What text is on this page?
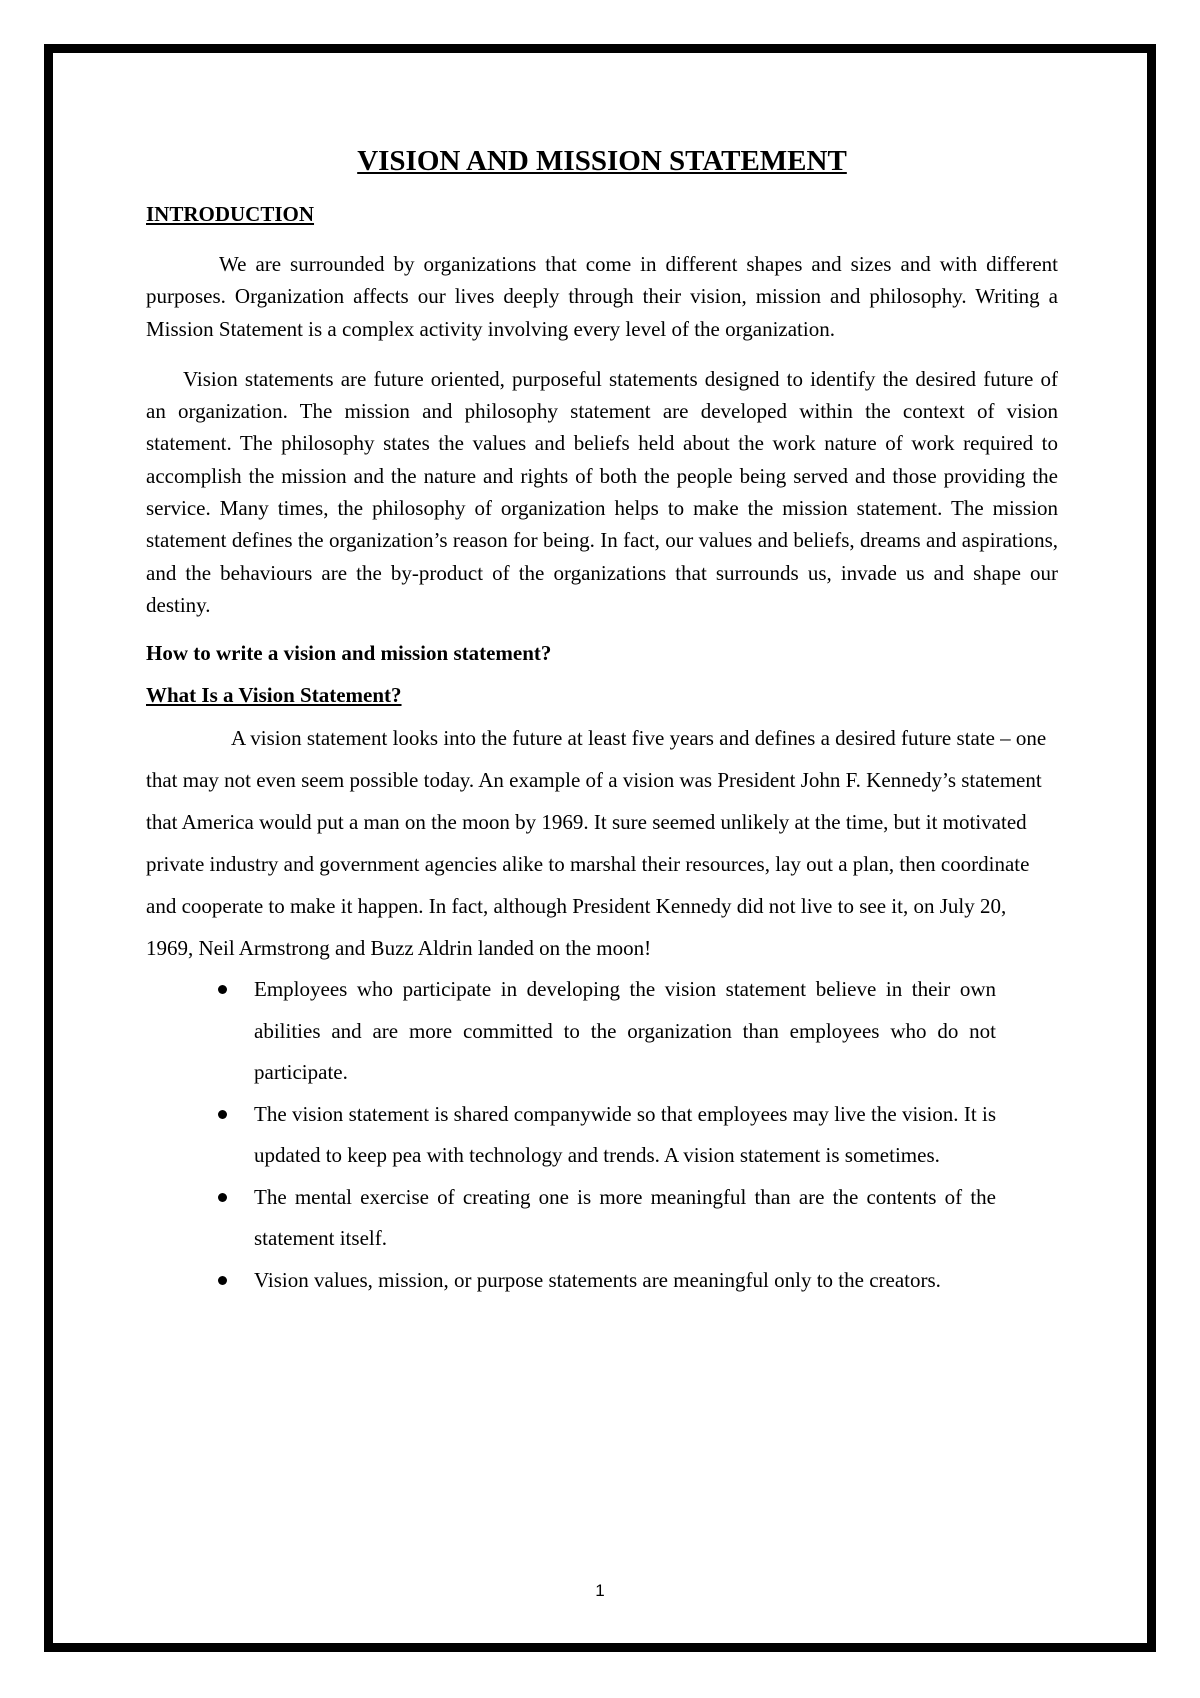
VISION AND MISSION STATEMENT
INTRODUCTION

We are surrounded by organizations that come in different shapes and sizes and with different purposes. Organization affects our lives deeply through their vision, mission and philosophy. Writing a Mission Statement is a complex activity involving every level of the organization.

Vision statements are future oriented, purposeful statements designed to identify the desired future of an organization. The mission and philosophy statement are developed within the context of vision statement. The philosophy states the values and beliefs held about the work nature of work required to accomplish the mission and the nature and rights of both the people being served and those providing the service. Many times, the philosophy of organization helps to make the mission statement. The mission statement defines the organization’s reason for being. In fact, our values and beliefs, dreams and aspirations, and the behaviours are the by-product of the organizations that surrounds us, invade us and shape our destiny.

How to write a vision and mission statement?
What Is a Vision Statement?

A vision statement looks into the future at least five years and defines a desired future state – one that may not even seem possible today. An example of a vision was President John F. Kennedy’s statement that America would put a man on the moon by 1969. It sure seemed unlikely at the time, but it motivated private industry and government agencies alike to marshal their resources, lay out a plan, then coordinate and cooperate to make it happen. In fact, although President Kennedy did not live to see it, on July 20, 1969, Neil Armstrong and Buzz Aldrin landed on the moon!

Employees who participate in developing the vision statement believe in their own abilities and are more committed to the organization than employees who do not participate.
The vision statement is shared companywide so that employees may live the vision. It is updated to keep pea with technology and trends. A vision statement is sometimes.
The mental exercise of creating one is more meaningful than are the contents of the statement itself.
Vision values, mission, or purpose statements are meaningful only to the creators.
1
